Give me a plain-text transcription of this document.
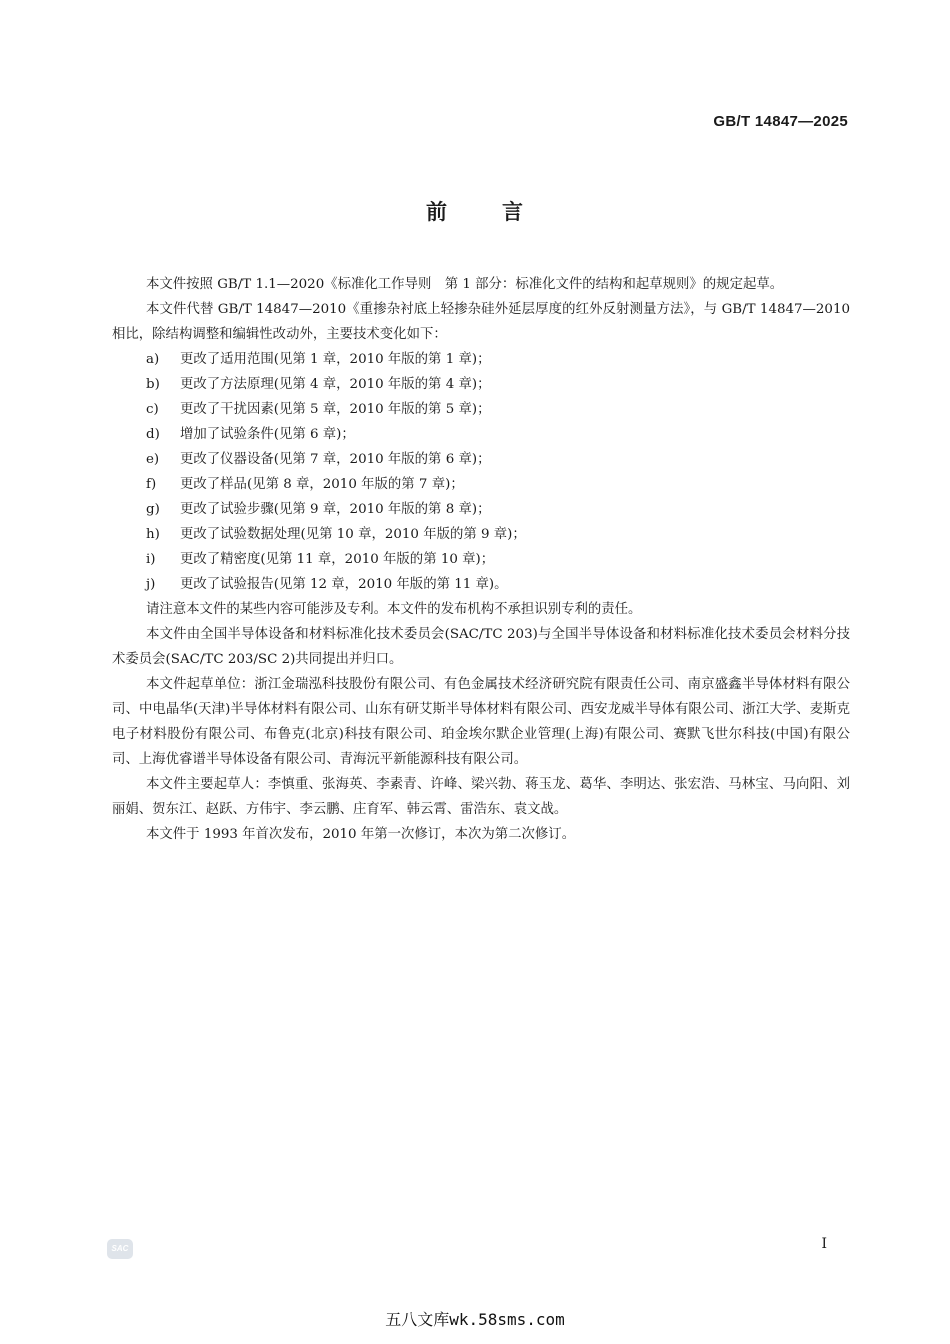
GB/T 14847—2025
前	言

本文件按照 GB/T 1.1—2020《标准化工作导则　第 1 部分：标准化文件的结构和起草规则》的规定起草。

本文件代替 GB/T 14847—2010《重掺杂衬底上轻掺杂硅外延层厚度的红外反射测量方法》，与 GB/T 14847—2010 相比，除结构调整和编辑性改动外，主要技术变化如下：

a) 更改了适用范围(见第 1 章，2010 年版的第 1 章)；

b) 更改了方法原理(见第 4 章，2010 年版的第 4 章)；

c) 更改了干扰因素(见第 5 章，2010 年版的第 5 章)；

d) 增加了试验条件(见第 6 章)；

e) 更改了仪器设备(见第 7 章，2010 年版的第 6 章)；

f) 更改了样品(见第 8 章，2010 年版的第 7 章)；

g) 更改了试验步骤(见第 9 章，2010 年版的第 8 章)；

h) 更改了试验数据处理(见第 10 章，2010 年版的第 9 章)；

i) 更改了精密度(见第 11 章，2010 年版的第 10 章)；

j) 更改了试验报告(见第 12 章，2010 年版的第 11 章)。

请注意本文件的某些内容可能涉及专利。本文件的发布机构不承担识别专利的责任。

本文件由全国半导体设备和材料标准化技术委员会(SAC/TC 203)与全国半导体设备和材料标准化技术委员会材料分技术委员会(SAC/TC 203/SC 2)共同提出并归口。

本文件起草单位：浙江金瑞泓科技股份有限公司、有色金属技术经济研究院有限责任公司、南京盛鑫半导体材料有限公司、中电晶华(天津)半导体材料有限公司、山东有研艾斯半导体材料有限公司、西安龙威半导体有限公司、浙江大学、麦斯克电子材料股份有限公司、布鲁克(北京)科技有限公司、珀金埃尔默企业管理(上海)有限公司、赛默飞世尔科技(中国)有限公司、上海优睿谱半导体设备有限公司、青海沅平新能源科技有限公司。

本文件主要起草人：李慎重、张海英、李素青、许峰、梁兴勃、蒋玉龙、葛华、李明达、张宏浩、马林宝、马向阳、刘丽娟、贺东江、赵跃、方伟宇、李云鹏、庄育军、韩云霄、雷浩东、袁文战。

本文件于 1993 年首次发布，2010 年第一次修订，本次为第二次修订。

SAC	I
五八文库wk.58sms.com
